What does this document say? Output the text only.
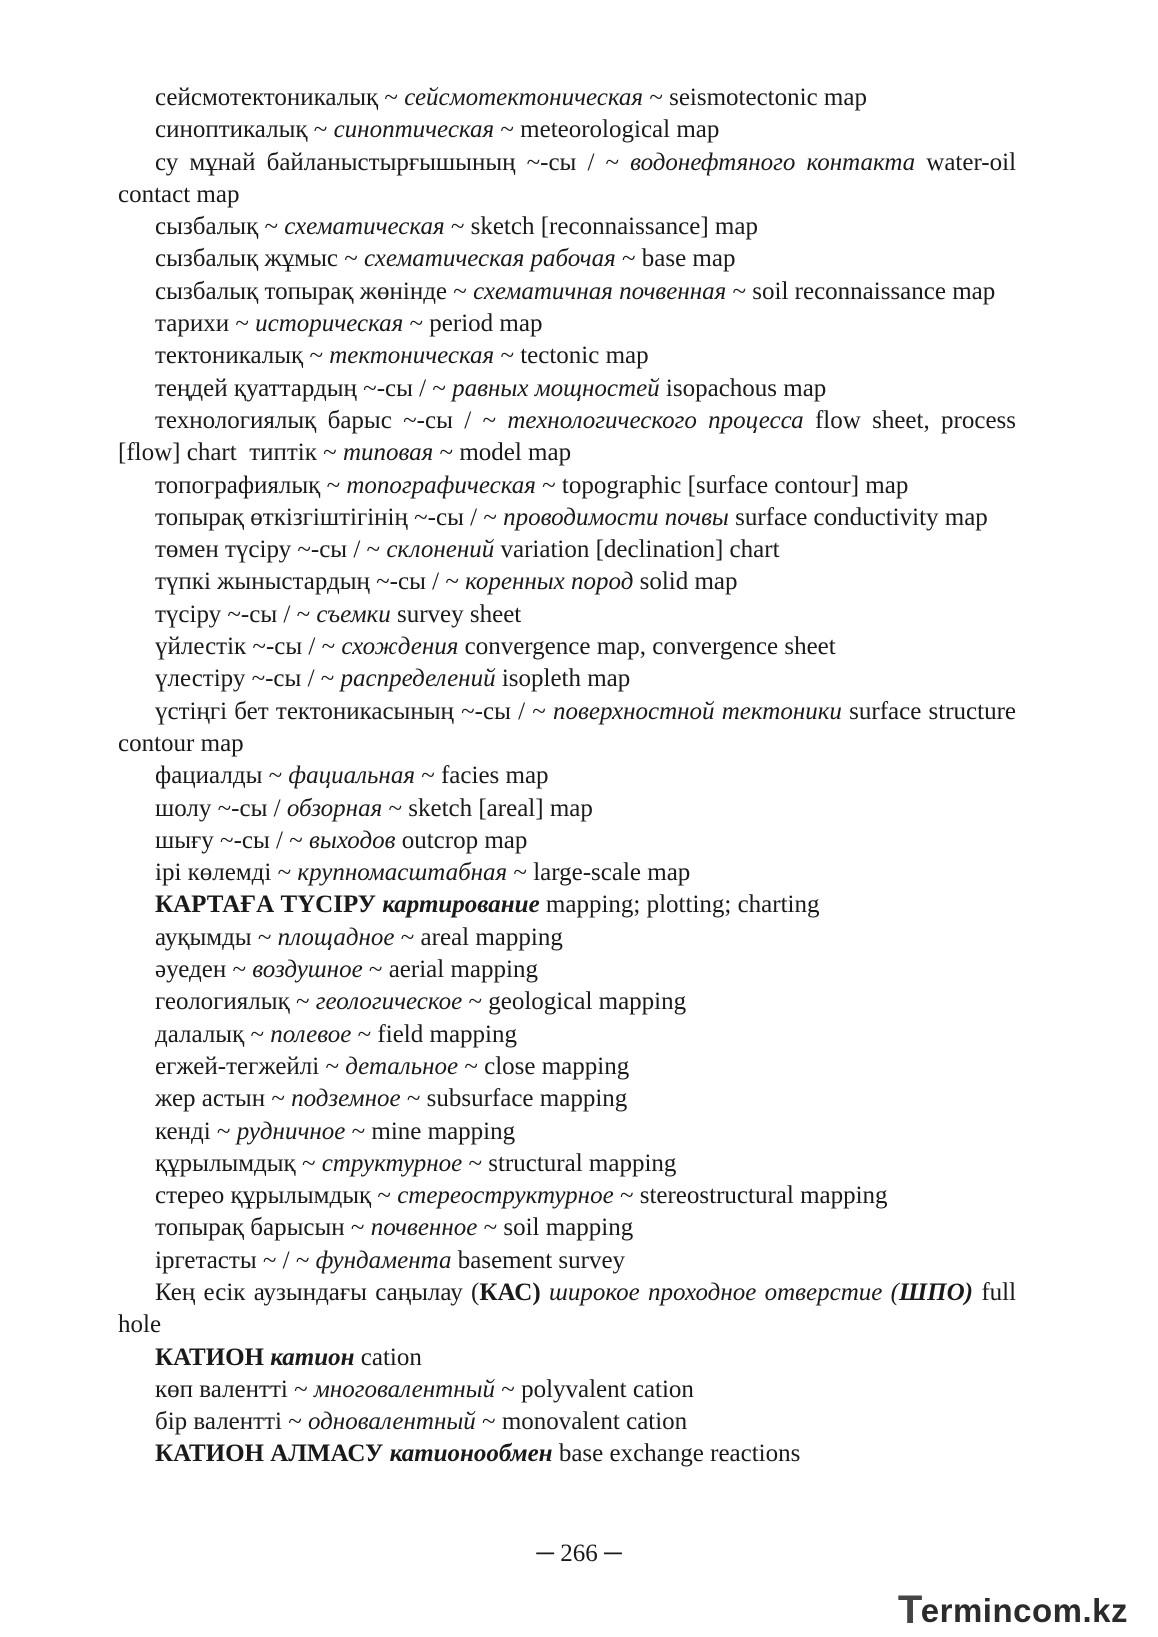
сейсмотектоникалық ~ сейсмотектоническая ~ seismotectonic map

синоптикалық ~ синоптическая ~ meteorological map

су мұнай байланыстырғышының ~-сы / ~ водонефтяного контакта water-oil contact map

сызбалық ~ схематическая ~ sketch [reconnaissance] map

сызбалық жұмыс ~ схематическая рабочая ~ base map

сызбалық топырақ жөнінде ~ схематичная почвенная ~ soil reconnaissance map

тарихи ~ историческая ~ period map

тектоникалық ~ тектоническая ~ tectonic map

теңдей қуаттардың ~-сы / ~ равных мощностей isopachous map

технологиялық барыс ~-сы / ~ технологического процесса flow sheet, process [flow] chart типтік ~ типовая ~ model map

топографиялық ~ топографическая ~ topographic [surface contour] map

топырақ өткізгіштігінің ~-сы / ~ проводимости почвы surface conductivity map

төмен түсіру ~-сы / ~ склонений variation [declination] chart

түпкі жыныстардың ~-сы / ~ коренных пород solid map

түсіру ~-сы / ~ съемки survey sheet

үйлестік ~-сы / ~ схождения convergence map, convergence sheet

үлестіру ~-сы / ~ распределений isopleth map

үстіңгі бет тектоникасының ~-сы / ~ поверхностной тектоники surface structure contour map

фациалды ~ фациальная ~ facies map

шолу ~-сы / обзорная ~ sketch [areal] map

шығу ~-сы / ~ выходов outcrop map

ірі көлемді ~ крупномасштабная ~ large-scale map

КАРТАҒА ТҮСІРУ картирование mapping; plotting; charting

ауқымды ~ площадное ~ areal mapping

әуеден ~ воздушное ~ aerial mapping

геологиялық ~ геологическое ~ geological mapping

далалық ~ полевое ~ field mapping

егжей-тегжейлі ~ детальное ~ close mapping

жер астын ~ подземное ~ subsurface mapping

кенді ~ рудничное ~ mine mapping

құрылымдық ~ структурное ~ structural mapping

стерео құрылымдық ~ стереоструктурное ~ stereostructural mapping

топырақ барысын ~ почвенное ~ soil mapping

іргетасты ~ / ~ фундамента basement survey

Кең есік аузындағы саңылау (КАС) широкое проходное отверстие (ШПО) full hole

КАТИОН катион cation

көп валентті ~ многовалентный ~ polyvalent cation

бір валентті ~ одновалентный ~ monovalent cation

КАТИОН АЛМАСУ катионообмен base exchange reactions

─ 266 ─
T
ermincom.kz
